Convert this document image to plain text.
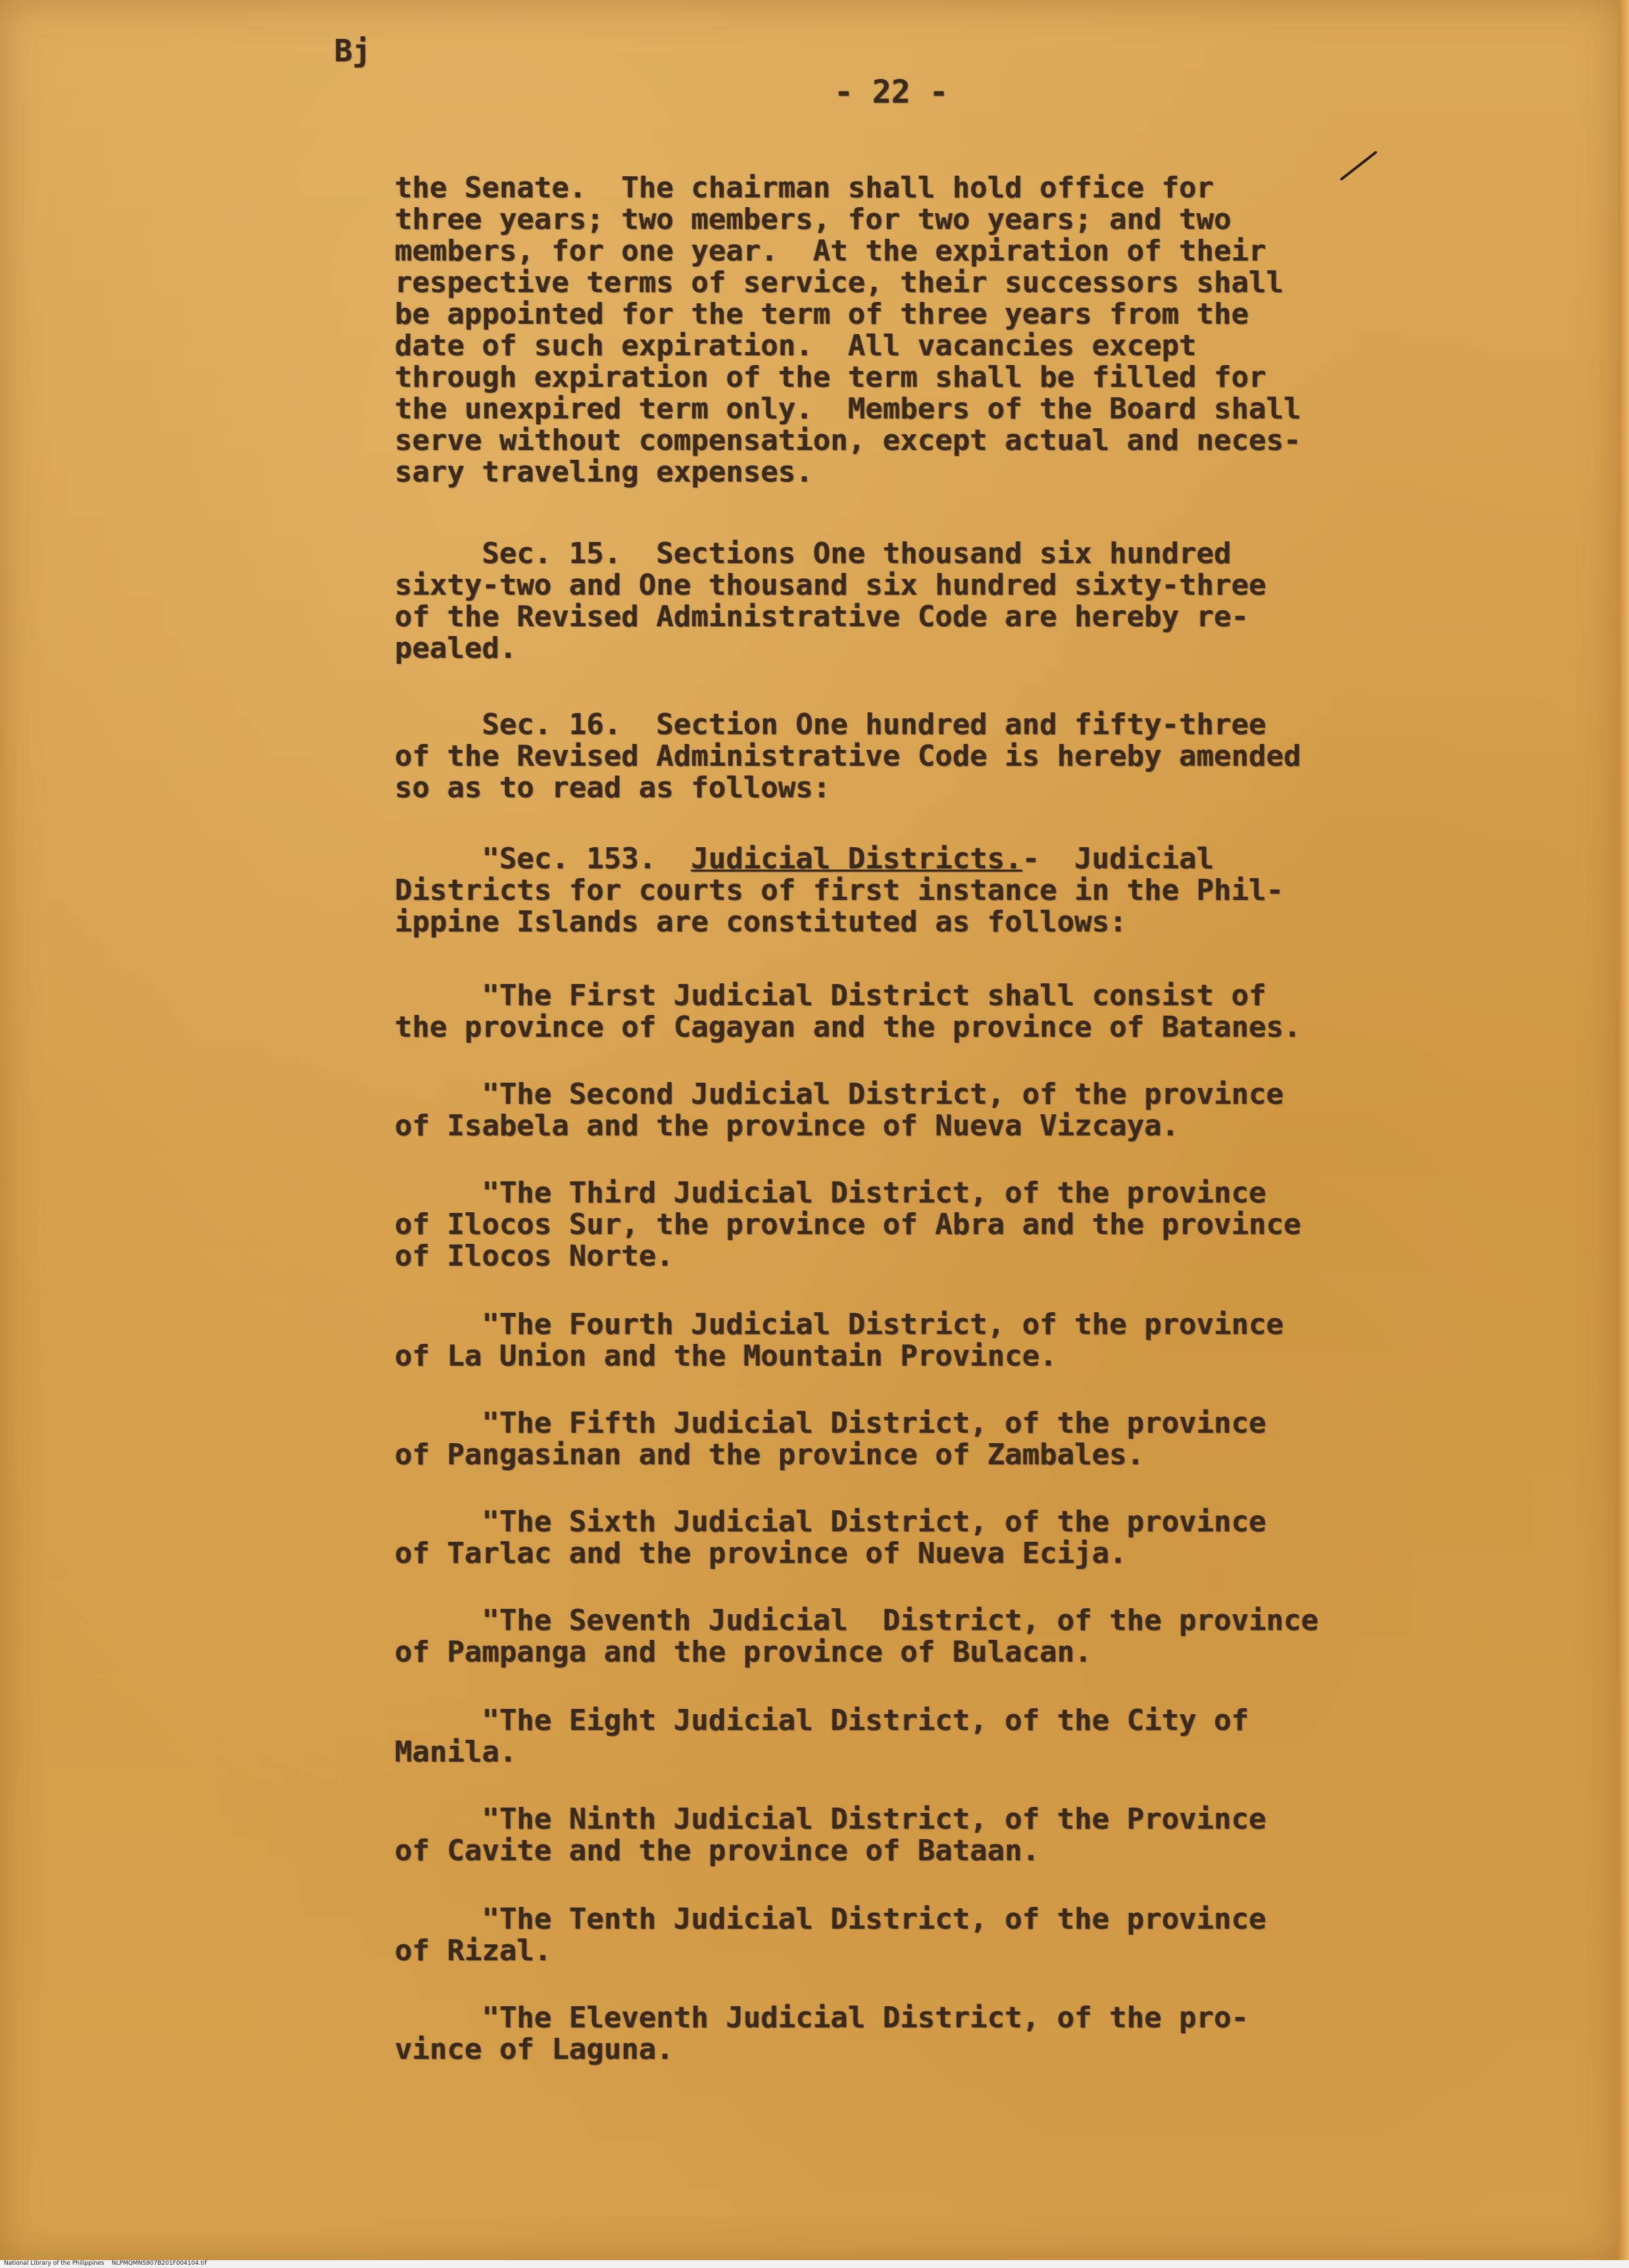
Bj
- 22 -
the Senate.  The chairman shall hold office for
three years; two members, for two years; and two
members, for one year.  At the expiration of their
respective terms of service, their successors shall
be appointed for the term of three years from the
date of such expiration.  All vacancies except
through expiration of the term shall be filled for
the unexpired term only.  Members of the Board shall
serve without compensation, except actual and neces-
sary traveling expenses.
Sec. 15.  Sections One thousand six hundred
sixty-two and One thousand six hundred sixty-three
of the Revised Administrative Code are hereby re-
pealed.
Sec. 16.  Section One hundred and fifty-three
of the Revised Administrative Code is hereby amended
so as to read as follows:
"Sec. 153.  Judicial Districts.-  Judicial
Districts for courts of first instance in the Phil-
ippine Islands are constituted as follows:
"The First Judicial District shall consist of
the province of Cagayan and the province of Batanes.
"The Second Judicial District, of the province
of Isabela and the province of Nueva Vizcaya.
"The Third Judicial District, of the province
of Ilocos Sur, the province of Abra and the province
of Ilocos Norte.
"The Fourth Judicial District, of the province
of La Union and the Mountain Province.
"The Fifth Judicial District, of the province
of Pangasinan and the province of Zambales.
"The Sixth Judicial District, of the province
of Tarlac and the province of Nueva Ecija.
"The Seventh Judicial  District, of the province
of Pampanga and the province of Bulacan.
"The Eight Judicial District, of the City of
Manila.
"The Ninth Judicial District, of the Province
of Cavite and the province of Bataan.
"The Tenth Judicial District, of the province
of Rizal.
"The Eleventh Judicial District, of the pro-
vince of Laguna.
National Library of the Philippines    NLPMQMNS907B201F004104.tif
